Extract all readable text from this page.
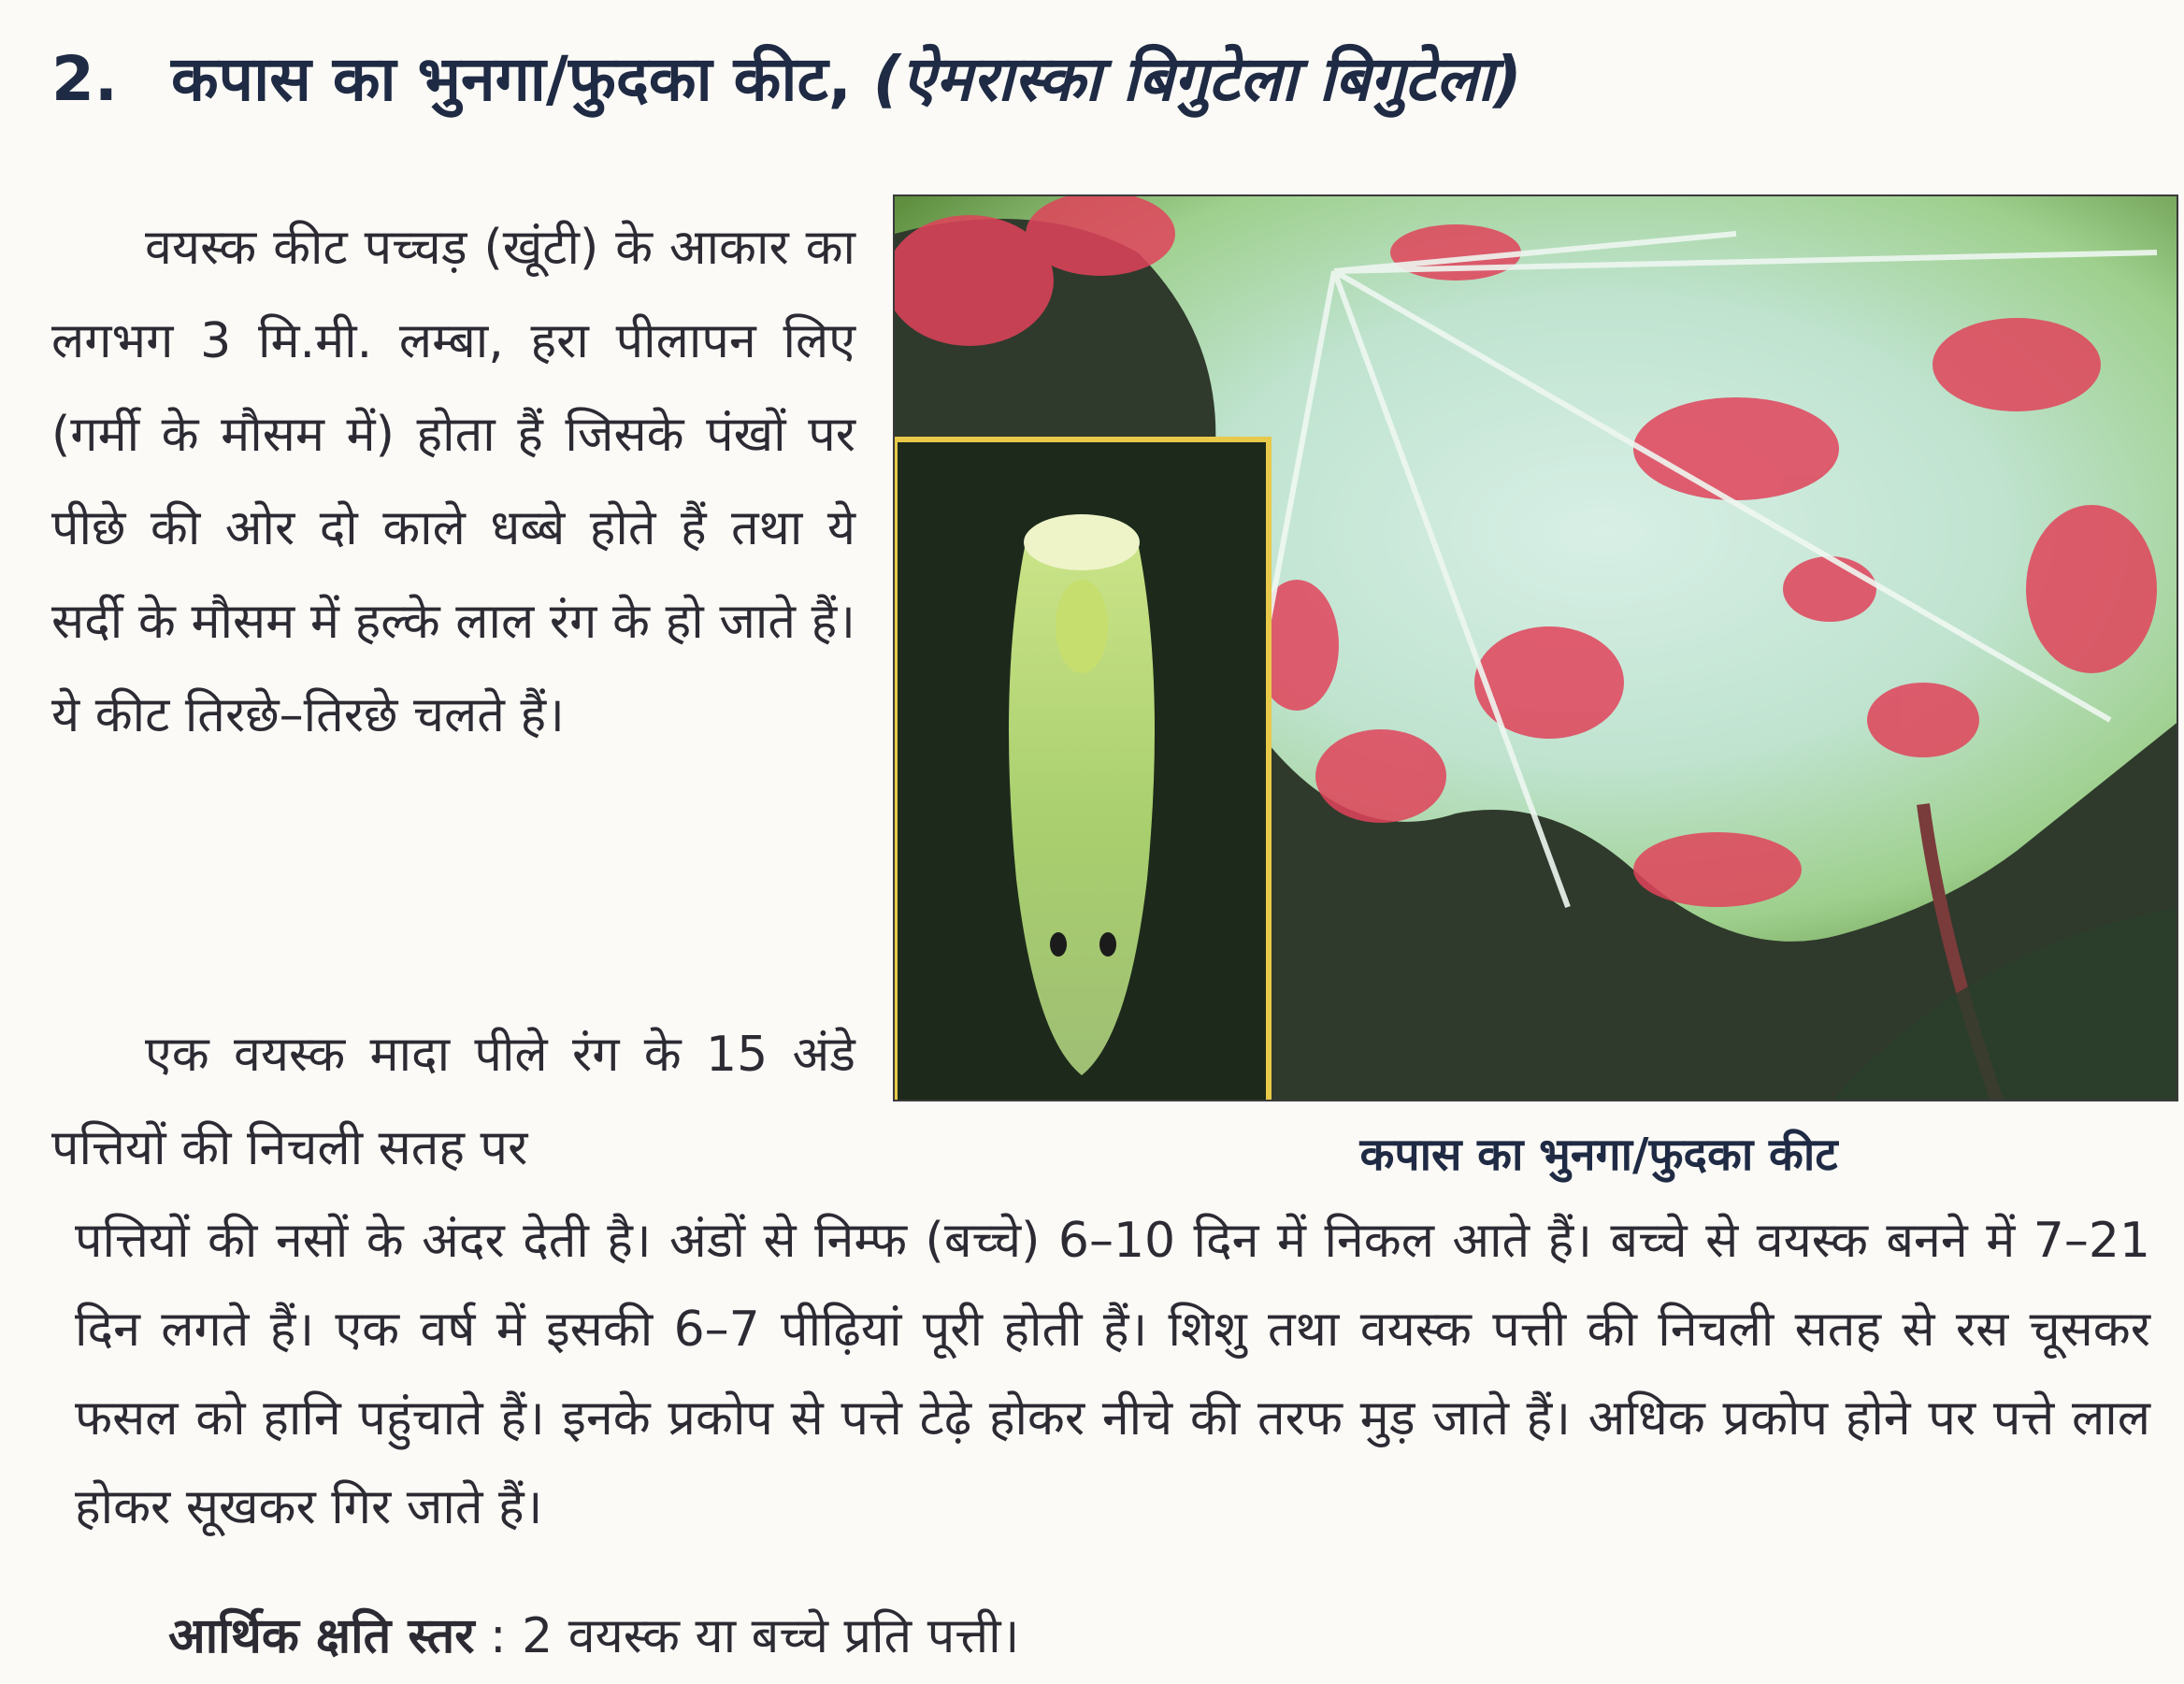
2. कपास का भुनगा/फुदका कीट, (ऐमरास्का बिगुटेला बिगुटेला)

वयस्क कीट पच्चड़ (खूंटी) के आकार का लगभग 3 मि.मी. लम्बा, हरा पीलापन लिए (गर्मी के मौसम में) होता हैं जिसके पंखों पर पीछे की ओर दो काले धब्बे होते हैं तथा ये सर्दी के मौसम में हल्के लाल रंग के हो जाते हैं। ये कीट तिरछे–तिरछे चलते हैं।

एक वयस्क मादा पीले रंग के 15 अंडे पत्तियों की निचली सतह पर

पत्तियों की नसों के अंदर देती है। अंडों से निम्फ (बच्चे) 6–10 दिन में निकल आते हैं। बच्चे से वयस्क बनने में 7–21 दिन लगते हैं। एक वर्ष में इसकी 6–7 पीढ़ियां पूरी होती हैं। शिशु तथा वयस्क पत्ती की निचली सतह से रस चूसकर फसल को हानि पहुंचाते हैं। इनके प्रकोप से पत्ते टेढ़े होकर नीचे की तरफ मुड़ जाते हैं। अधिक प्रकोप होने पर पत्ते लाल होकर सूखकर गिर जाते हैं।

आर्थिक क्षति स्तर : 2 वयस्क या बच्चे प्रति पत्ती।
कपास का भुनगा/फुदका कीट
